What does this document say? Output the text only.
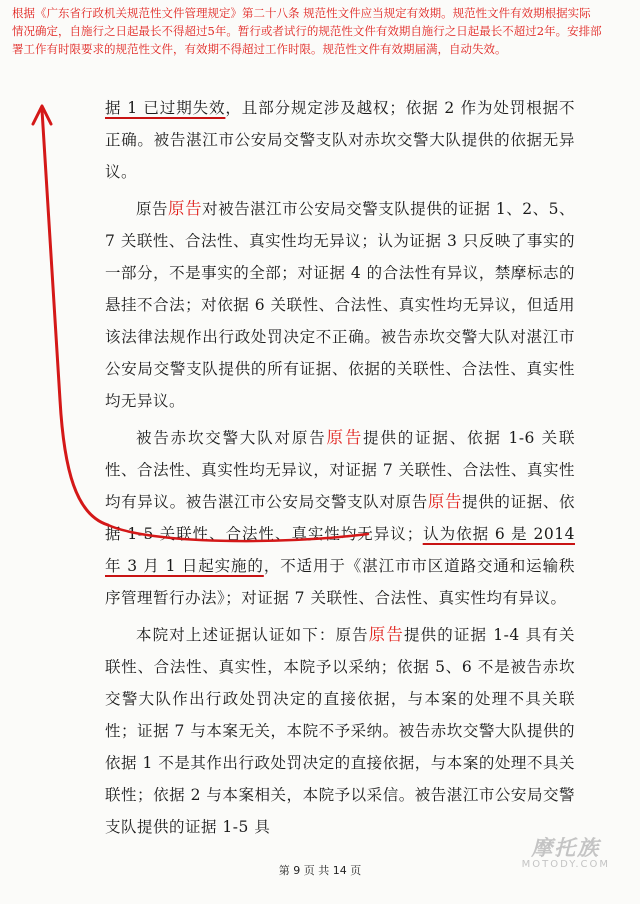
根据《广东省行政机关规范性文件管理规定》第二十八条 规范性文件应当规定有效期。规范性文件有效期根据实际情况确定，自施行之日起最长不得超过5年。暂行或者试行的规范性文件有效期自施行之日起最长不超过2年。安排部署工作有时限要求的规范性文件，有效期不得超过工作时限。规范性文件有效期届满，自动失效。

据 1 已过期失效，且部分规定涉及越权；依据 2 作为处罚根据不正确。被告湛江市公安局交警支队对赤坎交警大队提供的依据无异议。

原告原告对被告湛江市公安局交警支队提供的证据 1、2、5、7 关联性、合法性、真实性均无异议；认为证据 3 只反映了事实的一部分，不是事实的全部；对证据 4 的合法性有异议，禁摩标志的悬挂不合法；对依据 6 关联性、合法性、真实性均无异议，但适用该法律法规作出行政处罚决定不正确。被告赤坎交警大队对湛江市公安局交警支队提供的所有证据、依据的关联性、合法性、真实性均无异议。

被告赤坎交警大队对原告原告提供的证据、依据 1-6 关联性、合法性、真实性均无异议，对证据 7 关联性、合法性、真实性均有异议。被告湛江市公安局交警支队对原告原告提供的证据、依据 1-5 关联性、合法性、真实性均无异议；认为依据 6 是 2014 年 3 月 1 日起实施的，不适用于《湛江市市区道路交通和运输秩序管理暂行办法》；对证据 7 关联性、合法性、真实性均有异议。

本院对上述证据认证如下：原告原告提供的证据 1-4 具有关联性、合法性、真实性，本院予以采纳；依据 5、6 不是被告赤坎交警大队作出行政处罚决定的直接依据，与本案的处理不具关联性；证据 7 与本案无关，本院不予采纳。被告赤坎交警大队提供的依据 1 不是其作出行政处罚决定的直接依据，与本案的处理不具关联性；依据 2 与本案相关，本院予以采信。被告湛江市公安局交警支队提供的证据 1-5 具

摩托族
MOTODY.COM
第 9 页 共 14 页
